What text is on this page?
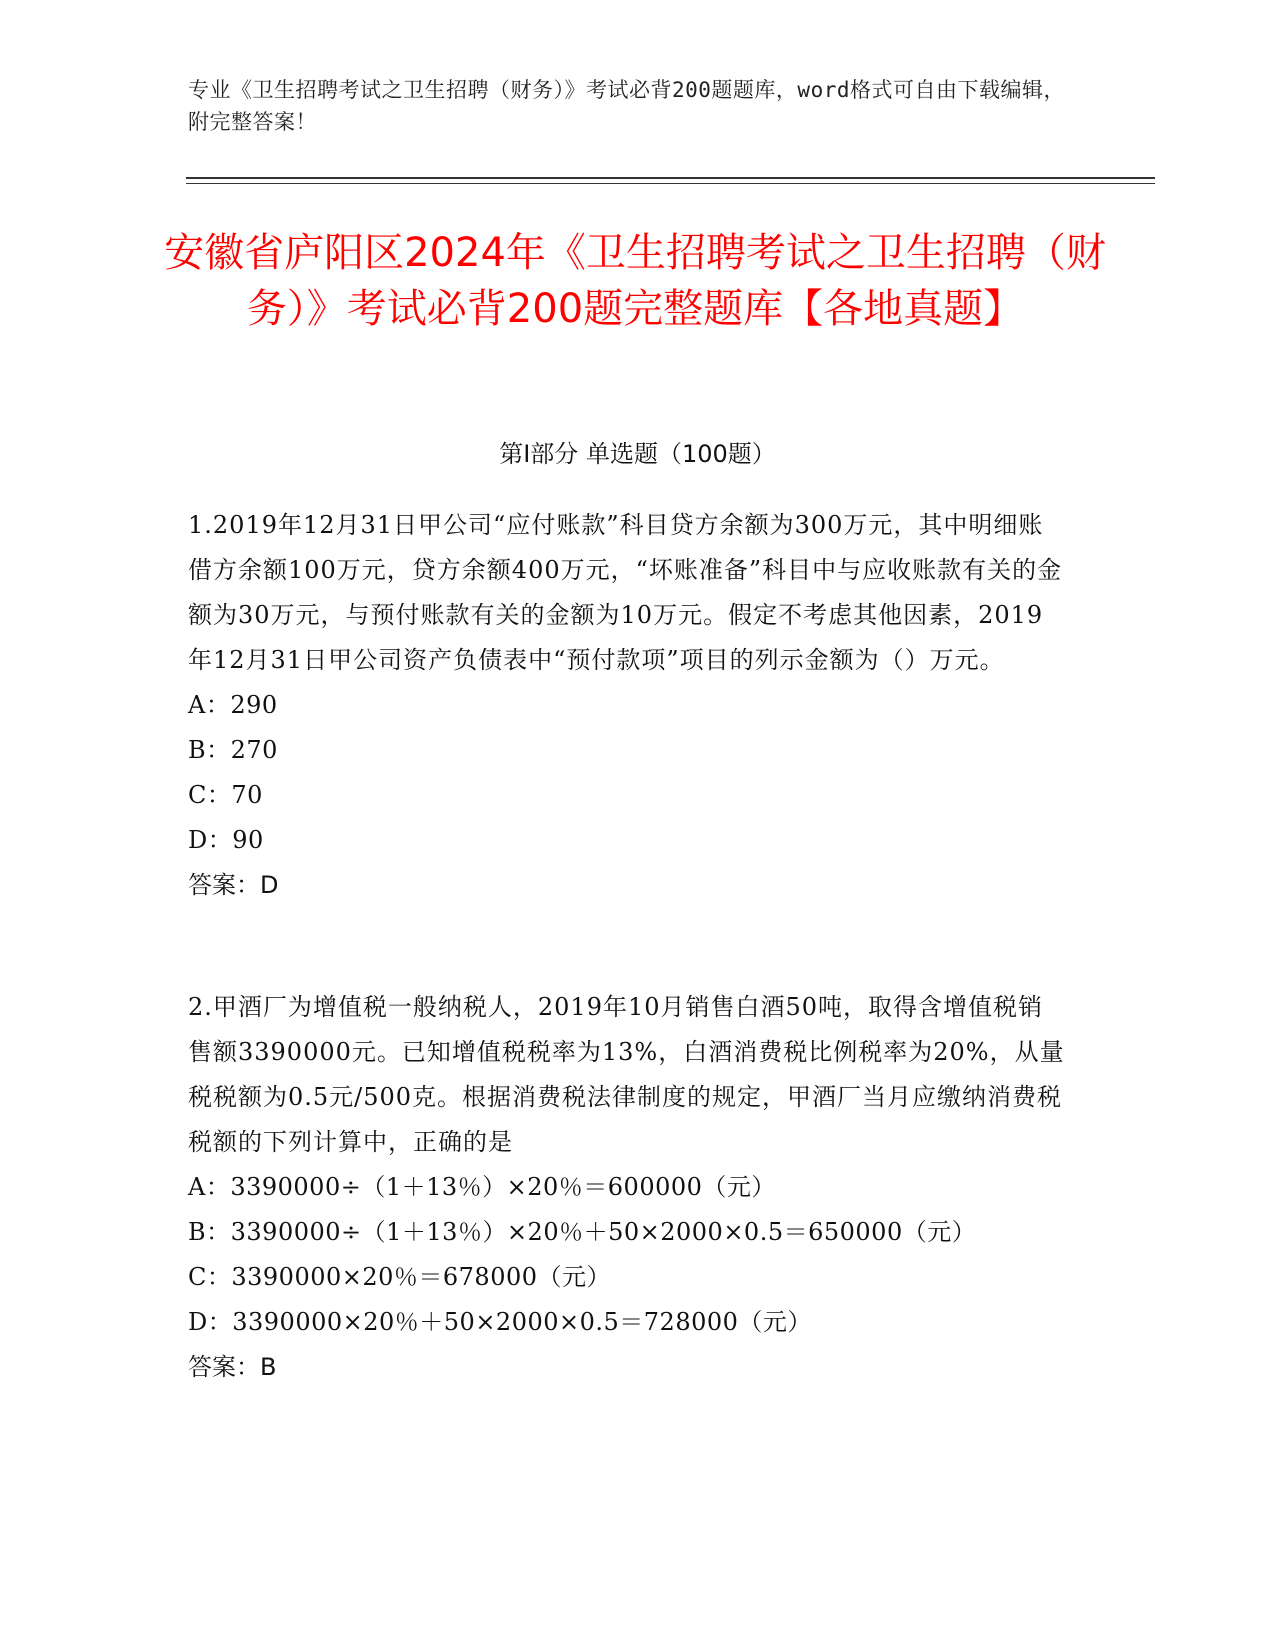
专业《卫生招聘考试之卫生招聘（财务）》考试必背200题题库，word格式可自由下载编辑，附完整答案！
安徽省庐阳区2024年《卫生招聘考试之卫生招聘（财务）》考试必背200题完整题库【各地真题】
第Ⅰ部分 单选题（100题）
1.2019年12月31日甲公司“应付账款”科目贷方余额为300万元，其中明细账借方余额100万元，贷方余额400万元，“坏账准备”科目中与应收账款有关的金额为30万元，与预付账款有关的金额为10万元。假定不考虑其他因素，2019年12月31日甲公司资产负债表中“预付款项”项目的列示金额为（）万元。
A：290
B：270
C：70
D：90
答案：D
2.甲酒厂为增值税一般纳税人，2019年10月销售白酒50吨，取得含增值税销售额3390000元。已知增值税税率为13%，白酒消费税比例税率为20%，从量税税额为0.5元/500克。根据消费税法律制度的规定，甲酒厂当月应缴纳消费税税额的下列计算中，正确的是
A：3390000÷（1＋13％）×20％＝600000（元）
B：3390000÷（1＋13％）×20％＋50×2000×0.5＝650000（元）
C：3390000×20％＝678000（元）
D：3390000×20％＋50×2000×0.5＝728000（元）
答案：B
